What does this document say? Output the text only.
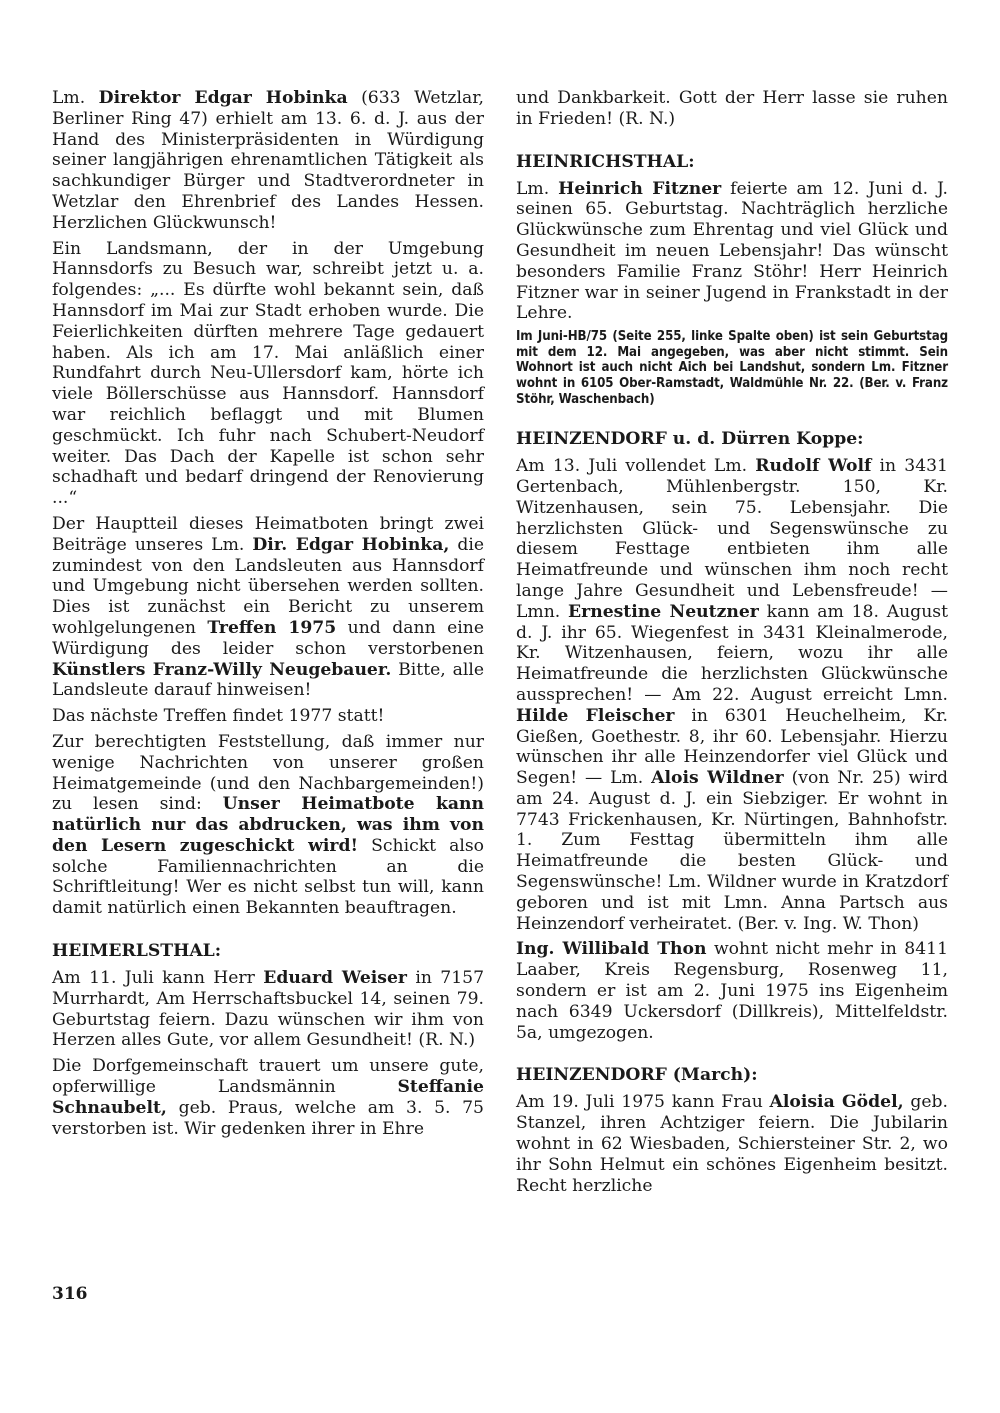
Lm. Direktor Edgar Hobinka (633 Wetzlar, Berliner Ring 47) erhielt am 13. 6. d. J. aus der Hand des Ministerpräsidenten in Würdigung seiner langjährigen ehrenamtlichen Tätigkeit als sachkundiger Bürger und Stadtverordneter in Wetzlar den Ehrenbrief des Landes Hessen. Herzlichen Glückwunsch!

Ein Landsmann, der in der Umgebung Hannsdorfs zu Besuch war, schreibt jetzt u. a. folgendes: „... Es dürfte wohl bekannt sein, daß Hannsdorf im Mai zur Stadt erhoben wurde. Die Feierlichkeiten dürften mehrere Tage gedauert haben. Als ich am 17. Mai anläßlich einer Rundfahrt durch Neu-Ullersdorf kam, hörte ich viele Böllerschüsse aus Hannsdorf. Hannsdorf war reichlich beflaggt und mit Blumen geschmückt. Ich fuhr nach Schubert-Neudorf weiter. Das Dach der Kapelle ist schon sehr schadhaft und bedarf dringend der Renovierung ...“

Der Hauptteil dieses Heimatboten bringt zwei Beiträge unseres Lm. Dir. Edgar Hobinka, die zumindest von den Landsleuten aus Hannsdorf und Umgebung nicht übersehen werden sollten. Dies ist zunächst ein Bericht zu unserem wohlgelungenen Treffen 1975 und dann eine Würdigung des leider schon verstorbenen Künstlers Franz-Willy Neugebauer. Bitte, alle Landsleute darauf hinweisen!

Das nächste Treffen findet 1977 statt!

Zur berechtigten Feststellung, daß immer nur wenige Nachrichten von unserer großen Heimatgemeinde (und den Nachbargemeinden!) zu lesen sind: Unser Heimatbote kann natürlich nur das abdrucken, was ihm von den Lesern zugeschickt wird! Schickt also solche Familiennachrichten an die Schriftleitung! Wer es nicht selbst tun will, kann damit natürlich einen Bekannten beauftragen.

HEIMERLSTHAL:

Am 11. Juli kann Herr Eduard Weiser in 7157 Murrhardt, Am Herrschaftsbuckel 14, seinen 79. Geburtstag feiern. Dazu wünschen wir ihm von Herzen alles Gute, vor allem Gesundheit! (R. N.)

Die Dorfgemeinschaft trauert um unsere gute, opferwillige Landsmännin Steffanie Schnaubelt, geb. Praus, welche am 3. 5. 75 verstorben ist. Wir gedenken ihrer in Ehre

und Dankbarkeit. Gott der Herr lasse sie ruhen in Frieden! (R. N.)

HEINRICHSTHAL:

Lm. Heinrich Fitzner feierte am 12. Juni d. J. seinen 65. Geburtstag. Nachträglich herzliche Glückwünsche zum Ehrentag und viel Glück und Gesundheit im neuen Lebensjahr! Das wünscht besonders Familie Franz Stöhr! Herr Heinrich Fitzner war in seiner Jugend in Frankstadt in der Lehre.

Im Juni-HB/75 (Seite 255, linke Spalte oben) ist sein Geburtstag mit dem 12. Mai angegeben, was aber nicht stimmt. Sein Wohnort ist auch nicht Aich bei Landshut, sondern Lm. Fitzner wohnt in 6105 Ober-Ramstadt, Waldmühle Nr. 22. (Ber. v. Franz Stöhr, Waschenbach)

HEINZENDORF u. d. Dürren Koppe:

Am 13. Juli vollendet Lm. Rudolf Wolf in 3431 Gertenbach, Mühlenbergstr. 150, Kr. Witzenhausen, sein 75. Lebensjahr. Die herzlichsten Glück- und Segenswünsche zu diesem Festtage entbieten ihm alle Heimatfreunde und wünschen ihm noch recht lange Jahre Gesundheit und Lebensfreude! — Lmn. Ernestine Neutzner kann am 18. August d. J. ihr 65. Wiegenfest in 3431 Kleinalmerode, Kr. Witzenhausen, feiern, wozu ihr alle Heimatfreunde die herzlichsten Glückwünsche aussprechen! — Am 22. August erreicht Lmn. Hilde Fleischer in 6301 Heuchelheim, Kr. Gießen, Goethestr. 8, ihr 60. Lebensjahr. Hierzu wünschen ihr alle Heinzendorfer viel Glück und Segen! — Lm. Alois Wildner (von Nr. 25) wird am 24. August d. J. ein Siebziger. Er wohnt in 7743 Frickenhausen, Kr. Nürtingen, Bahnhofstr. 1. Zum Festtag übermitteln ihm alle Heimatfreunde die besten Glück- und Segenswünsche! Lm. Wildner wurde in Kratzdorf geboren und ist mit Lmn. Anna Partsch aus Heinzendorf verheiratet. (Ber. v. Ing. W. Thon)

Ing. Willibald Thon wohnt nicht mehr in 8411 Laaber, Kreis Regensburg, Rosenweg 11, sondern er ist am 2. Juni 1975 ins Eigenheim nach 6349 Uckersdorf (Dillkreis), Mittelfeldstr. 5a, umgezogen.

HEINZENDORF (March):

Am 19. Juli 1975 kann Frau Aloisia Gödel, geb. Stanzel, ihren Achtziger feiern. Die Jubilarin wohnt in 62 Wiesbaden, Schiersteiner Str. 2, wo ihr Sohn Helmut ein schönes Eigenheim besitzt. Recht herzliche

316
